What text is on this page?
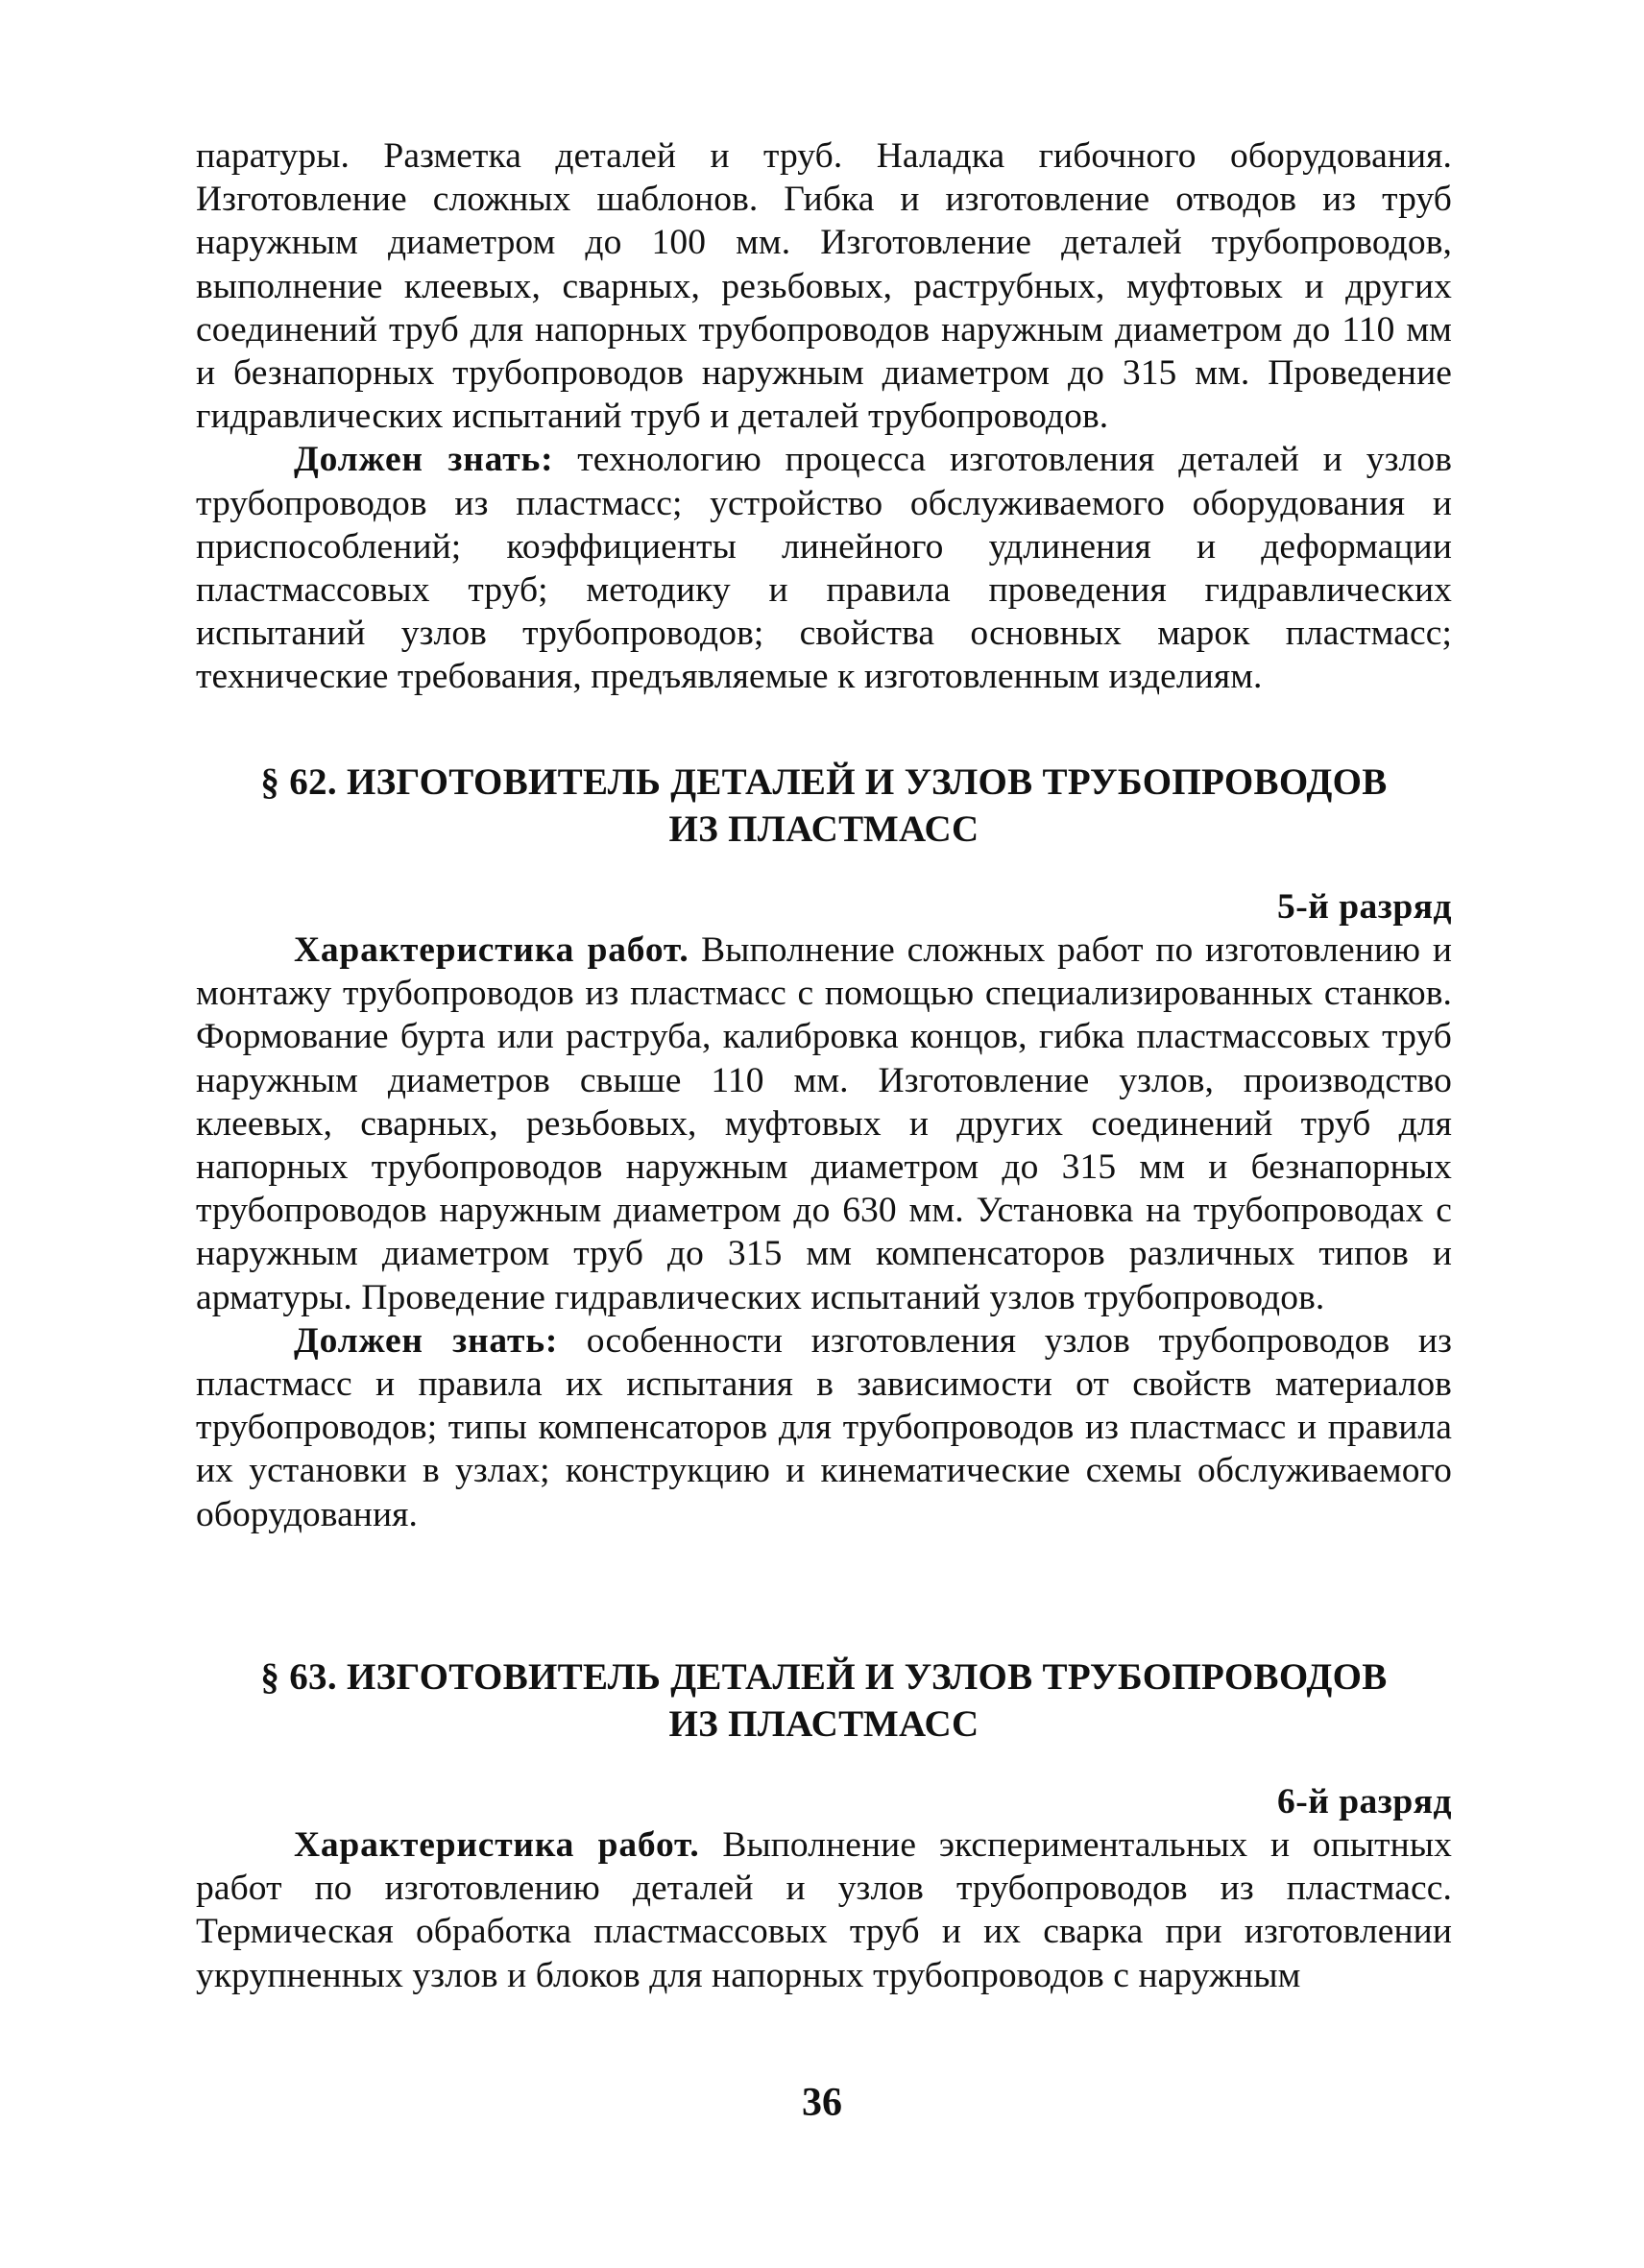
паратуры. Разметка деталей и труб. Наладка гибочного оборудования. Изготовление сложных шаблонов. Гибка и изготовление отводов из труб наружным диаметром до 100 мм. Изготовление деталей трубопроводов, выполнение клеевых, сварных, резьбовых, раструбных, муфтовых и других соединений труб для напорных трубопроводов наружным диаметром до 110 мм и безнапорных трубопроводов наружным диаметром до 315 мм. Проведение гидравлических испытаний труб и деталей трубопроводов.

Должен знать: технологию процесса изготовления деталей и узлов трубопроводов из пластмасс; устройство обслуживаемого оборудования и приспособлений; коэффициенты линейного удлинения и деформации пластмассовых труб; методику и правила проведения гидравлических испытаний узлов трубопроводов; свойства основных марок пластмасс; технические требования, предъявляемые к изготовленным изделиям.

§ 62. ИЗГОТОВИТЕЛЬ ДЕТАЛЕЙ И УЗЛОВ ТРУБОПРОВОДОВ

ИЗ ПЛАСТМАСС

5-й разряд

Характеристика работ. Выполнение сложных работ по изготовлению и монтажу трубопроводов из пластмасс с помощью специализированных станков. Формование бурта или раструба, калибровка концов, гибка пластмассовых труб наружным диаметров свыше 110 мм. Изготовление узлов, производство клеевых, сварных, резьбовых, муфтовых и других соединений труб для напорных трубопроводов наружным диаметром до 315 мм и безнапорных трубопроводов наружным диаметром до 630 мм. Установка на трубопроводах с наружным диаметром труб до 315 мм компенсаторов различных типов и арматуры. Проведение гидравлических испытаний узлов трубопроводов.

Должен знать: особенности изготовления узлов трубопроводов из пластмасс и правила их испытания в зависимости от свойств материалов трубопроводов; типы компенсаторов для трубопроводов из пластмасс и правила их установки в узлах; конструкцию и кинематические схемы обслуживаемого оборудования.

§ 63. ИЗГОТОВИТЕЛЬ ДЕТАЛЕЙ И УЗЛОВ ТРУБОПРОВОДОВ

ИЗ ПЛАСТМАСС

6-й разряд

Характеристика работ. Выполнение экспериментальных и опытных работ по изготовлению деталей и узлов трубопроводов из пластмасс. Термическая обработка пластмассовых труб и их сварка при изготовлении укрупненных узлов и блоков для напорных трубопроводов с наружным

36
